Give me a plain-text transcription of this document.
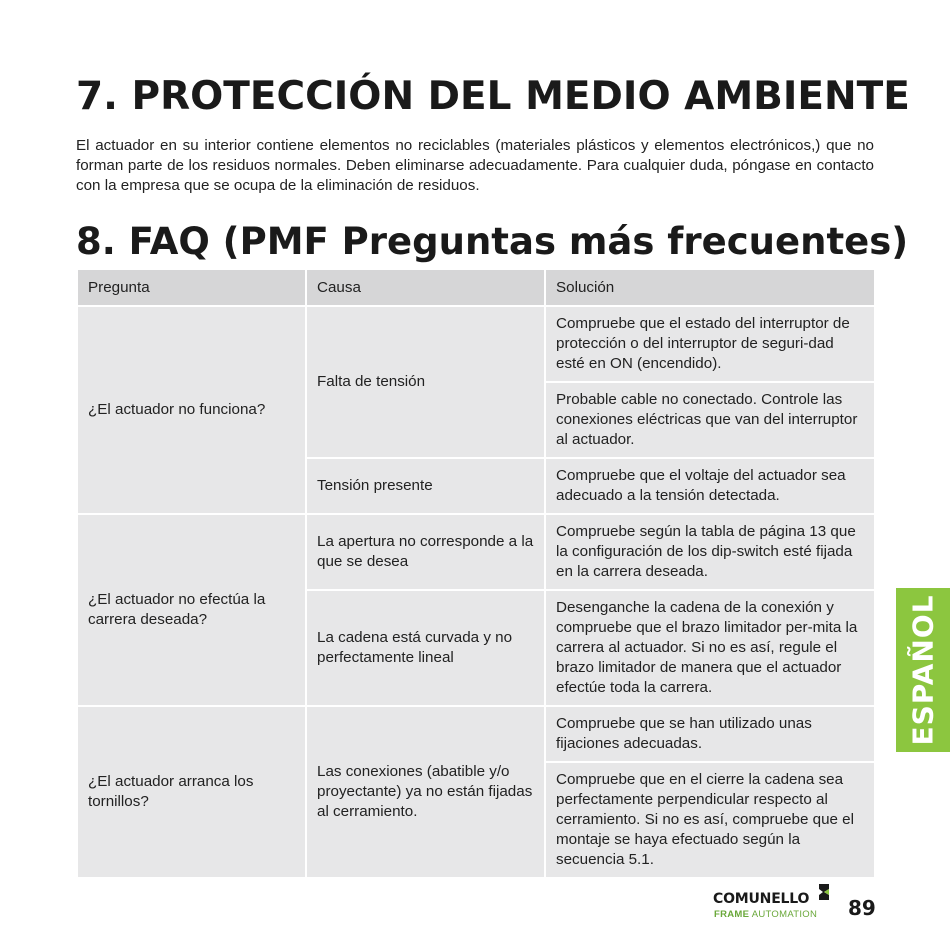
7. PROTECCIÓN DEL MEDIO AMBIENTE

El actuador en su interior contiene elementos no reciclables (materiales plásticos y elementos electrónicos,) que no forman parte de los residuos normales. Deben eliminarse adecuadamente. Para cualquier duda, póngase en contacto con la empresa que se ocupa de la eliminación de residuos.

8. FAQ (PMF Preguntas más frecuentes)
Pregunta	Causa	Solución
¿El actuador no funciona?	Falta de tensión	Compruebe que el estado del interruptor de protección o del interruptor de seguri-dad esté en ON (encendido).
		Probable cable no conectado. Controle las conexiones eléctricas que van del interruptor al actuador.
	Tensión presente	Compruebe que el voltaje del actuador sea adecuado a la tensión detectada.
¿El actuador no efectúa la carrera deseada?	La apertura no corresponde a la que se desea	Compruebe según la tabla de página 13 que la configuración de los dip-switch esté fijada en la carrera deseada.
	La cadena está curvada y no perfectamente lineal	Desenganche la cadena de la conexión y compruebe que el brazo limitador per-mita la carrera al actuador. Si no es así, regule el brazo limitador de manera que el actuador efectúe toda la carrera.
¿El actuador arranca los tornillos?	Las conexiones (abatible y/o proyectante) ya no están fijadas al cerramiento.	Compruebe que se han utilizado unas fijaciones adecuadas.
		Compruebe que en el cierre la cadena sea perfectamente perpendicular respecto al cerramiento. Si no es así, compruebe que el montaje se haya efectuado según la secuencia 5.1.
ESPAÑOL
COMUNELLO
FRAME AUTOMATION 89
